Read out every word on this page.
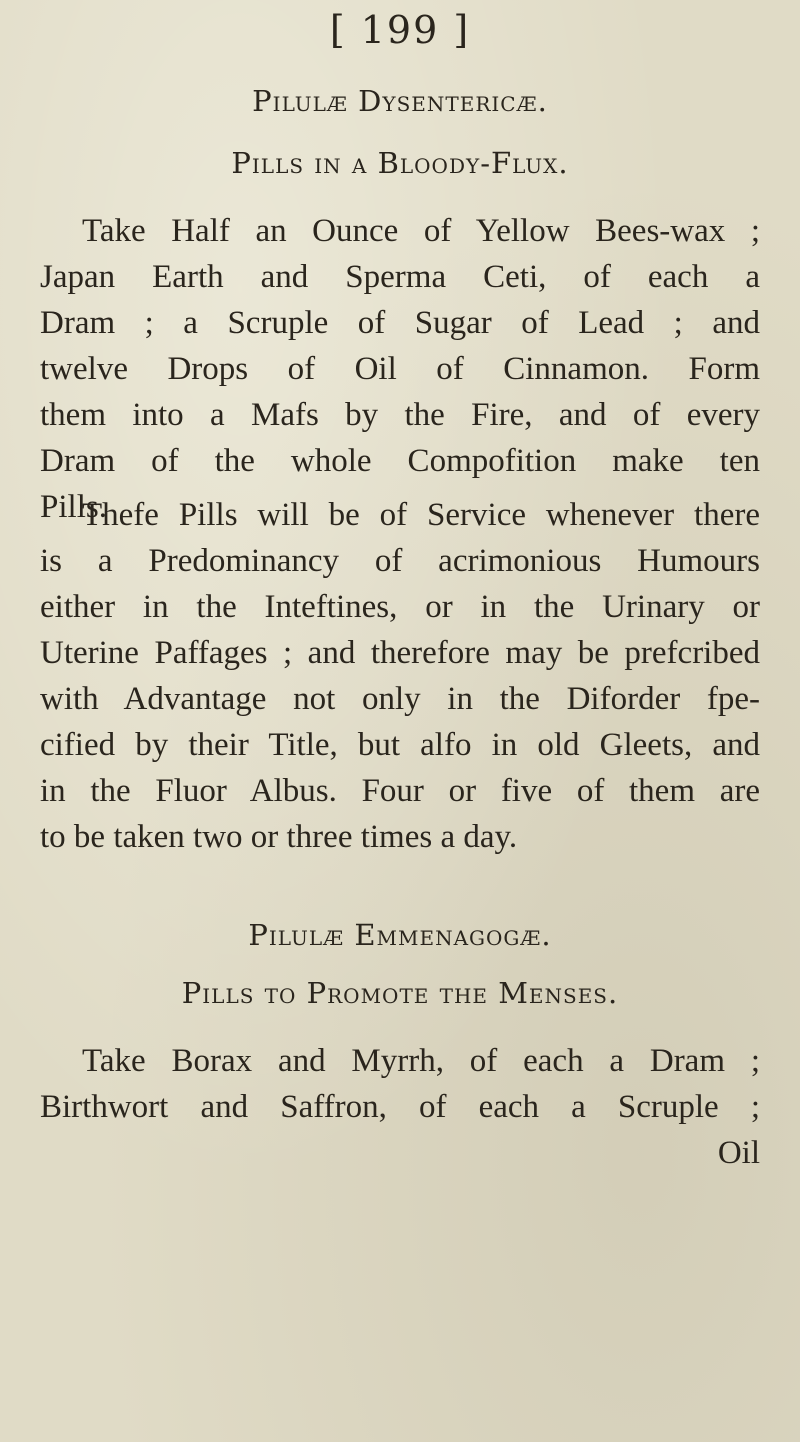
[ 199 ]
Pilulæ Dysentericæ.
Pills in a Bloody-Flux.
Take Half an Ounce of Yellow Bees-wax ;
Japan Earth and Sperma Ceti, of each a
Dram ; a Scruple of Sugar of Lead ; and
twelve Drops of Oil of Cinnamon. Form
them into a Mafs by the Fire, and of every
Dram of the whole Compofition make ten
Pills.
Thefe Pills will be of Service whenever there
is a Predominancy of acrimonious Humours
either in the Inteftines, or in the Urinary or
Uterine Paffages ; and therefore may be prefcribed
with Advantage not only in the Diforder fpe-
cified by their Title, but alfo in old Gleets, and
in the Fluor Albus. Four or five of them are
to be taken two or three times a day.
Pilulæ Emmenagogæ.
Pills to Promote the Menses.
Take Borax and Myrrh, of each a Dram ;
Birthwort and Saffron, of each a Scruple ;
Oil
